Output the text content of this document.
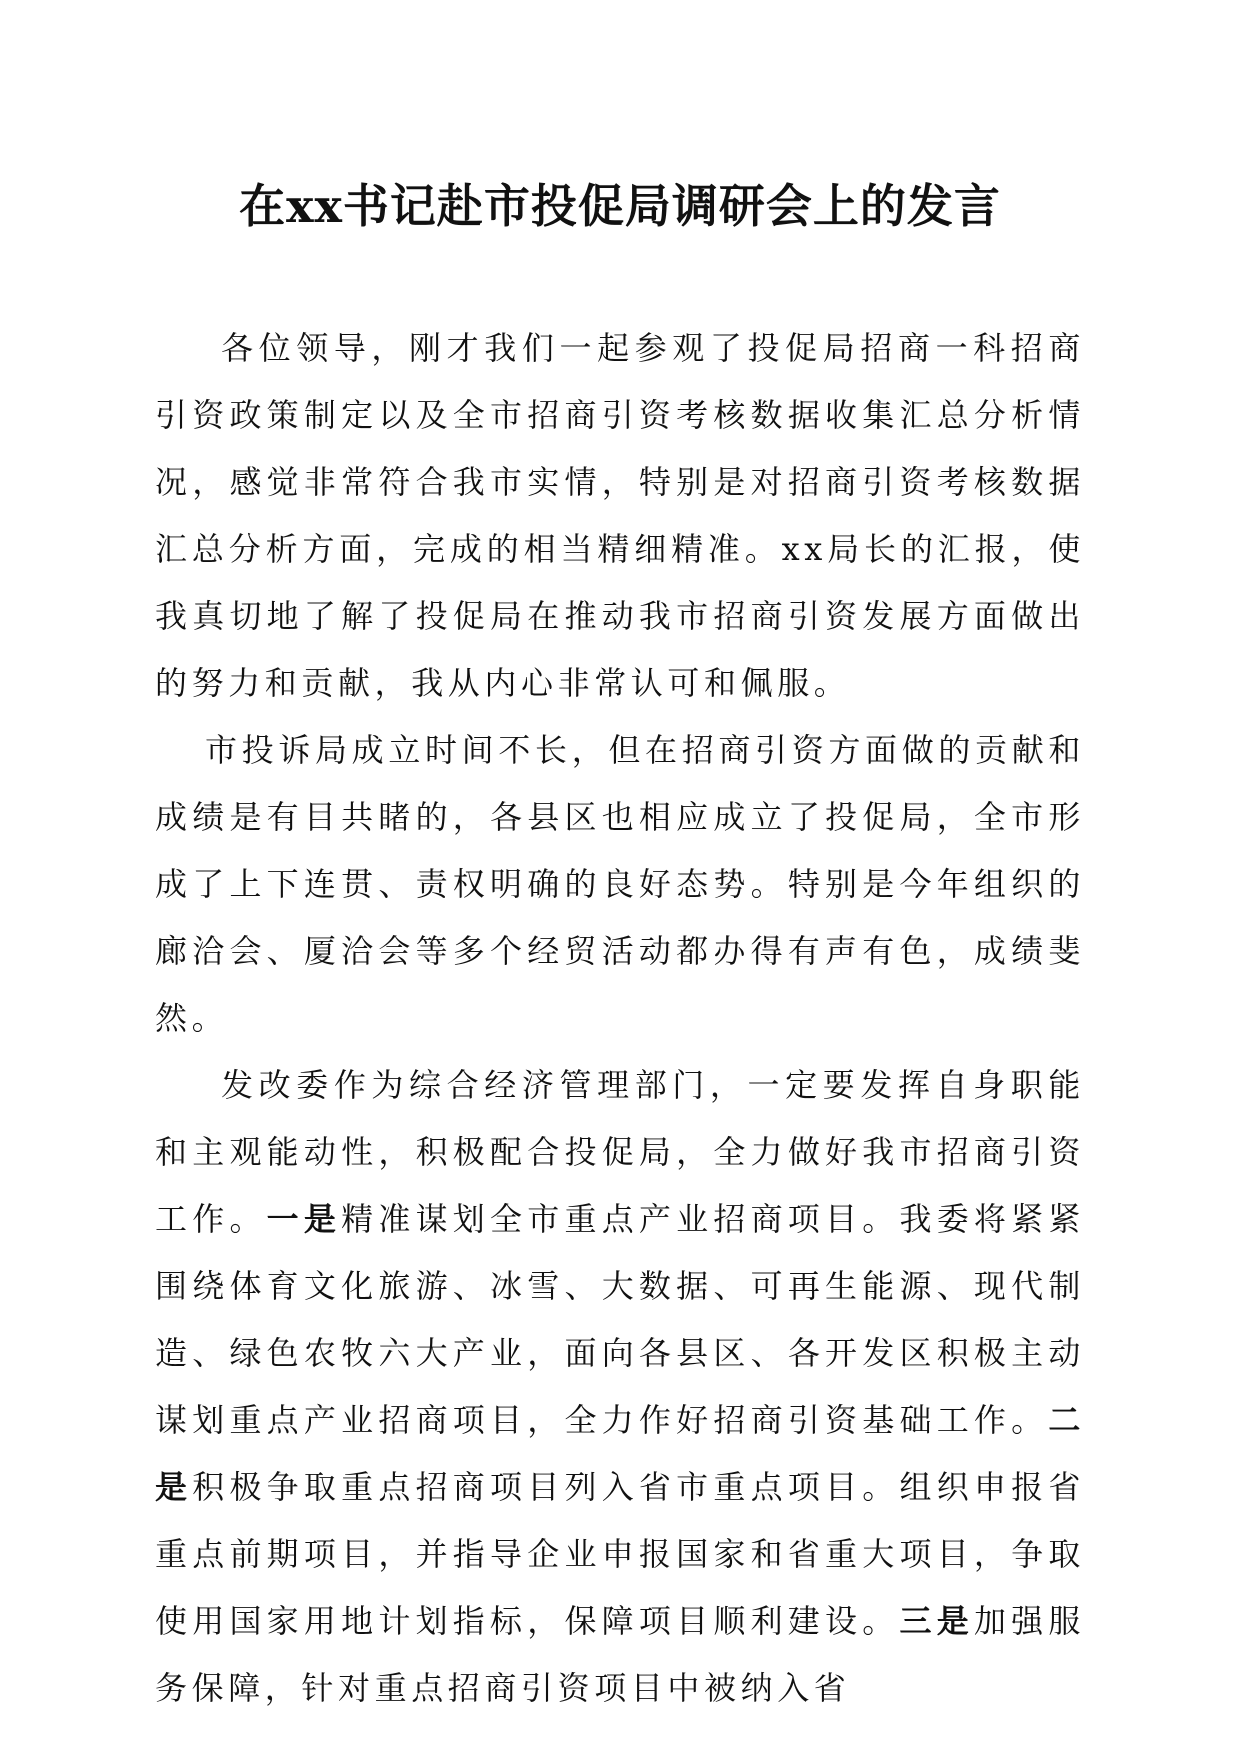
在xx书记赴市投促局调研会上的发言

各位领导，刚才我们一起参观了投促局招商一科招商引资政策制定以及全市招商引资考核数据收集汇总分析情况，感觉非常符合我市实情，特别是对招商引资考核数据汇总分析方面，完成的相当精细精准。xx局长的汇报，使我真切地了解了投促局在推动我市招商引资发展方面做出的努力和贡献，我从内心非常认可和佩服。

市投诉局成立时间不长，但在招商引资方面做的贡献和成绩是有目共睹的，各县区也相应成立了投促局，全市形成了上下连贯、责权明确的良好态势。特别是今年组织的廊洽会、厦洽会等多个经贸活动都办得有声有色，成绩斐然。

发改委作为综合经济管理部门，一定要发挥自身职能和主观能动性，积极配合投促局，全力做好我市招商引资工作。一是精准谋划全市重点产业招商项目。我委将紧紧围绕体育文化旅游、冰雪、大数据、可再生能源、现代制造、绿色农牧六大产业，面向各县区、各开发区积极主动谋划重点产业招商项目，全力作好招商引资基础工作。二是积极争取重点招商项目列入省市重点项目。组织申报省重点前期项目，并指导企业申报国家和省重大项目，争取使用国家用地计划指标，保障项目顺利建设。三是加强服务保障，针对重点招商引资项目中被纳入省
